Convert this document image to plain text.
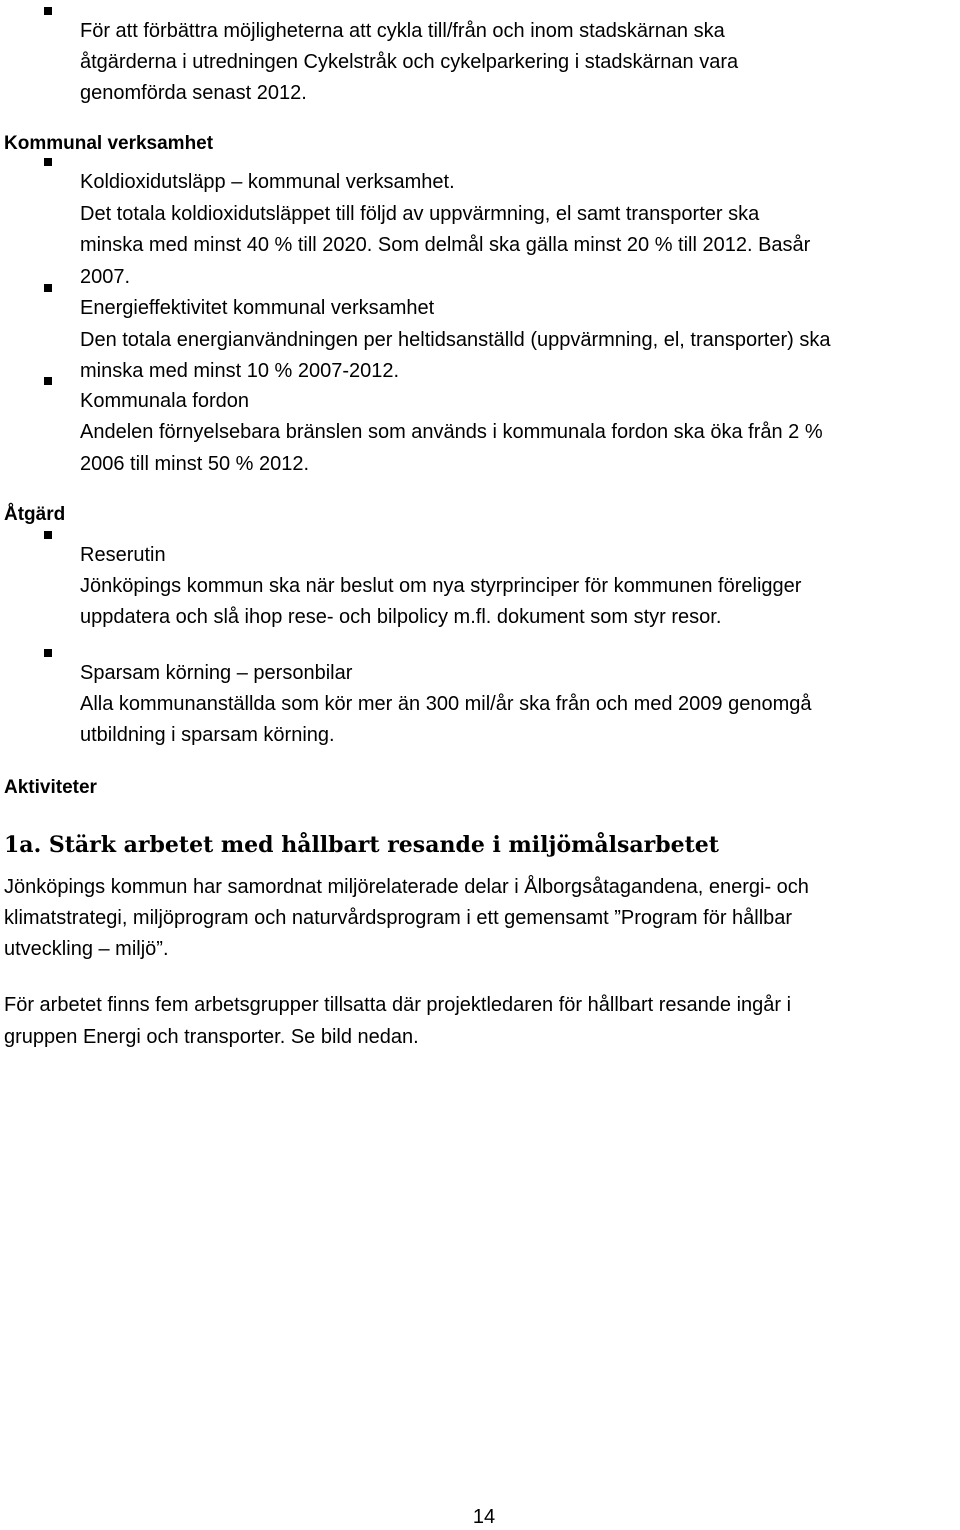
För att förbättra möjligheterna att cykla till/från och inom stadskärnan ska

åtgärderna i utredningen Cykelstråk och cykelparkering i stadskärnan vara

genomförda senast 2012.

Kommunal verksamhet

Koldioxidutsläpp – kommunal verksamhet.

Det totala koldioxidutsläppet till följd av uppvärmning, el samt transporter ska

minska med minst 40 % till 2020. Som delmål ska gälla minst 20 % till 2012. Basår

2007.

Energieffektivitet kommunal verksamhet

Den totala energianvändningen per heltidsanställd (uppvärmning, el, transporter) ska

minska med minst 10 % 2007-2012.

Kommunala fordon

Andelen förnyelsebara bränslen som används i kommunala fordon ska öka från 2 %

2006 till minst 50 % 2012.

Åtgärd

Reserutin

Jönköpings kommun ska när beslut om nya styrprinciper för kommunen föreligger

uppdatera och slå ihop rese- och bilpolicy m.fl. dokument som styr resor.

Sparsam körning – personbilar

Alla kommunanställda som kör mer än 300 mil/år ska från och med 2009 genomgå

utbildning i sparsam körning.

Aktiviteter
1a. Stärk arbetet med hållbart resande i miljömålsarbetet

Jönköpings kommun har samordnat miljörelaterade delar i Ålborgsåtagandena, energi- och

klimatstrategi, miljöprogram och naturvårdsprogram i ett gemensamt ”Program för hållbar

utveckling – miljö”.

För arbetet finns fem arbetsgrupper tillsatta där projektledaren för hållbart resande ingår i

gruppen Energi och transporter. Se bild nedan.

14
